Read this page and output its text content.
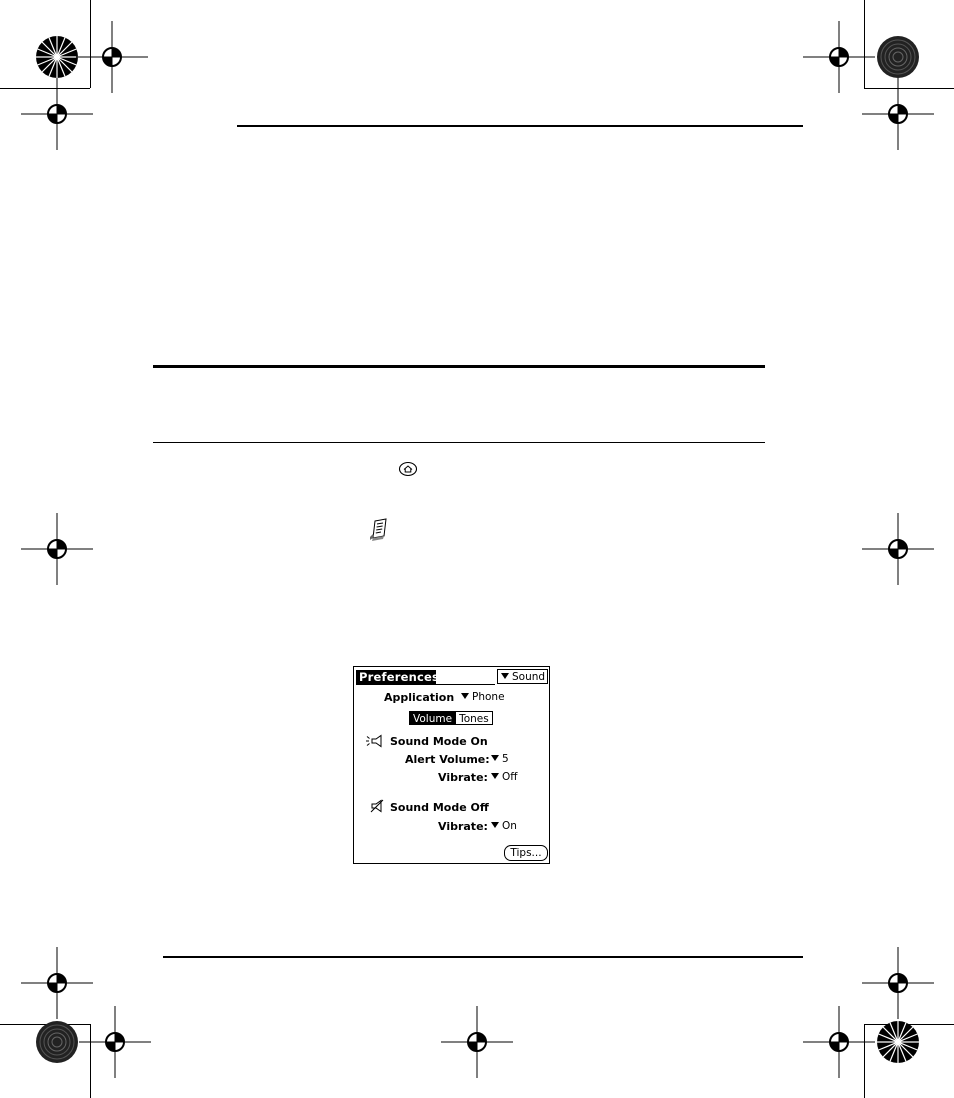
Preferences	Sound
Application	Phone
Volume Tones
Sound Mode On
Alert Volume:	5
Vibrate:	Off
Sound Mode Off
Vibrate:	On
Tips...
